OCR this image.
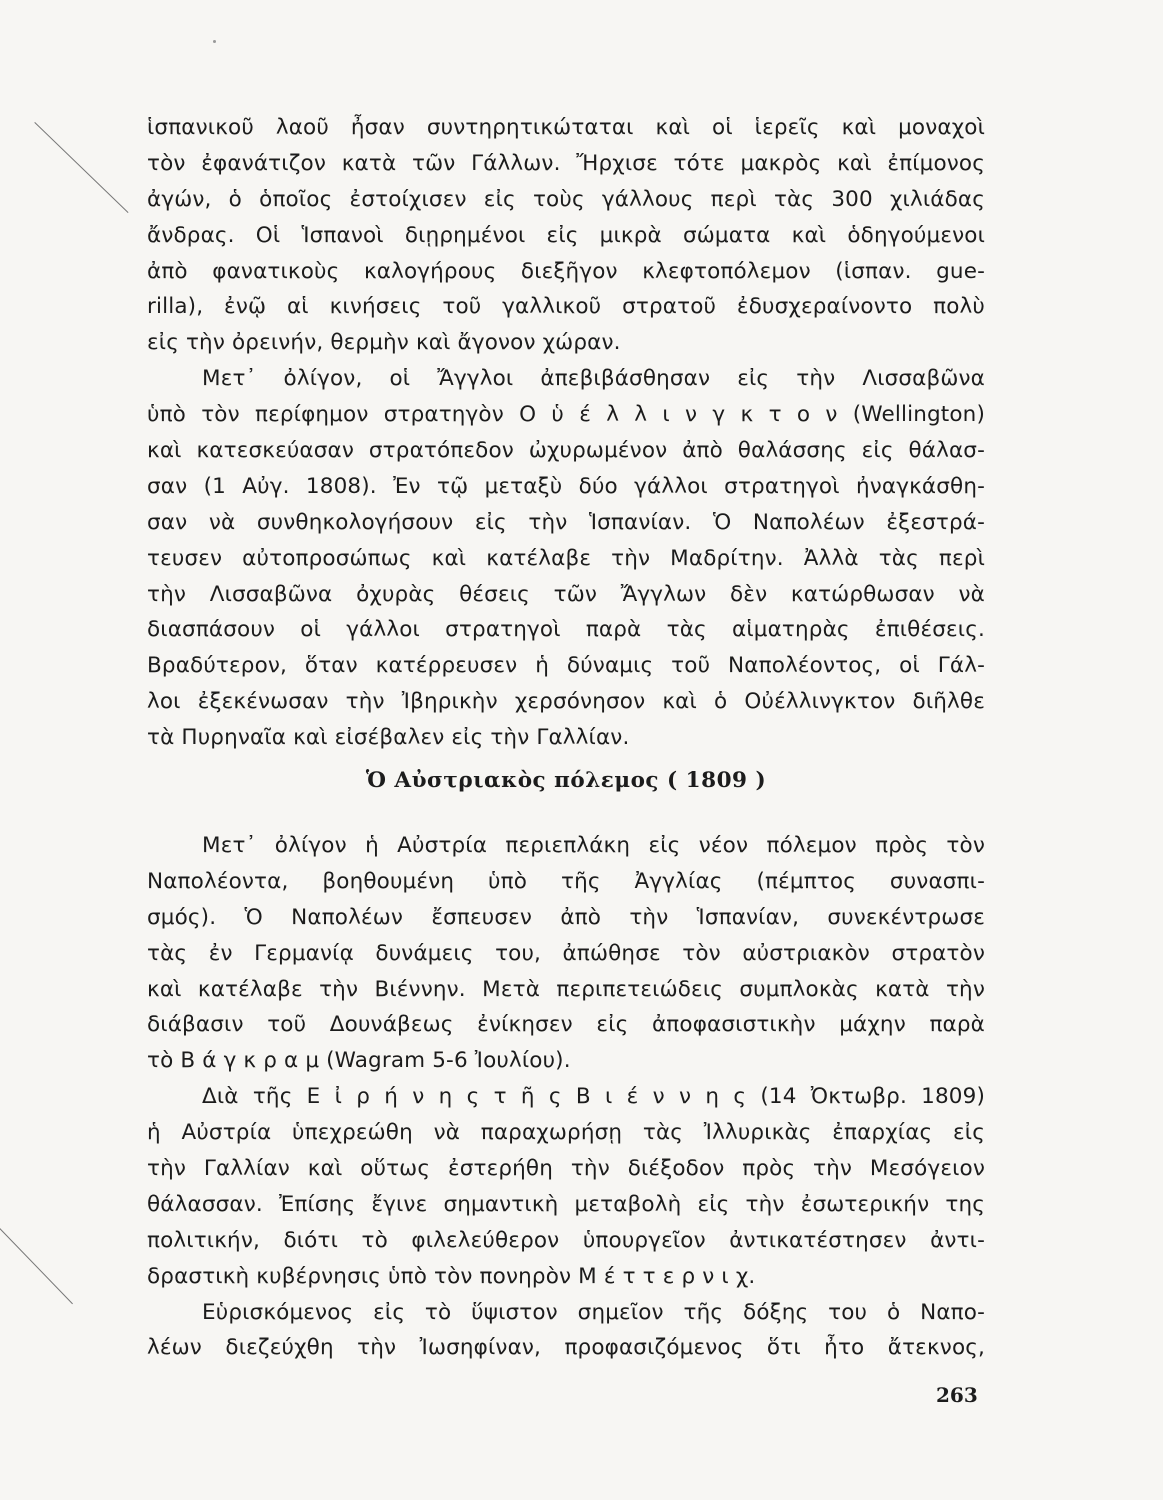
ἱσπανικοῦ λαοῦ ἦσαν συντηρητικώταται καὶ οἱ ἱερεῖς καὶ μοναχοὶ
τὸν ἐφανάτιζον κατὰ τῶν Γάλλων. Ἤρχισε τότε μακρὸς καὶ ἐπίμονος
ἀγών, ὁ ὁποῖος ἐστοίχισεν εἰς τοὺς γάλλους περὶ τὰς 300 χιλιάδας
ἄνδρας. Οἱ Ἱσπανοὶ διῃρημένοι εἰς μικρὰ σώματα καὶ ὁδηγούμενοι
ἀπὸ φανατικοὺς καλογήρους διεξῆγον κλεφτοπόλεμον (ἱσπαν. gue-
rilla), ἐνῷ αἱ κινήσεις τοῦ γαλλικοῦ στρατοῦ ἐδυσχεραίνοντο πολὺ
εἰς τὴν ὀρεινήν, θερμὴν καὶ ἄγονον χώραν.
Μετ᾽ ὀλίγον, οἱ Ἄγγλοι ἀπεβιβάσθησαν εἰς τὴν Λισσαβῶνα
ὑπὸ τὸν περίφημον στρατηγὸν Ο ὑ έ λ λ ι ν γ κ τ ο ν (Wellington)
καὶ κατεσκεύασαν στρατόπεδον ὠχυρωμένον ἀπὸ θαλάσσης εἰς θάλασ-
σαν (1 Αὐγ. 1808). Ἐν τῷ μεταξὺ δύο γάλλοι στρατηγοὶ ἠναγκάσθη-
σαν νὰ συνθηκολογήσουν εἰς τὴν Ἱσπανίαν. Ὁ Ναπολέων ἐξεστρά-
τευσεν αὐτοπροσώπως καὶ κατέλαβε τὴν Μαδρίτην. Ἀλλὰ τὰς περὶ
τὴν Λισσαβῶνα ὀχυρὰς θέσεις τῶν Ἄγγλων δὲν κατώρθωσαν νὰ
διασπάσουν οἱ γάλλοι στρατηγοὶ παρὰ τὰς αἱματηρὰς ἐπιθέσεις.
Βραδύτερον, ὅταν κατέρρευσεν ἡ δύναμις τοῦ Ναπολέοντος, οἱ Γάλ-
λοι ἐξεκένωσαν τὴν Ἰβηρικὴν χερσόνησον καὶ ὁ Οὐέλλινγκτον διῆλθε
τὰ Πυρηναῖα καὶ εἰσέβαλεν εἰς τὴν Γαλλίαν.
Ὁ Αὐστριακὸς πόλεμος ( 1809 )
Μετ᾽ ὀλίγον ἡ Αὐστρία περιεπλάκη εἰς νέον πόλεμον πρὸς τὸν
Ναπολέοντα, βοηθουμένη ὑπὸ τῆς Ἀγγλίας (πέμπτος συνασπι-
σμός). Ὁ Ναπολέων ἔσπευσεν ἀπὸ τὴν Ἱσπανίαν, συνεκέντρωσε
τὰς ἐν Γερμανίᾳ δυνάμεις του, ἀπώθησε τὸν αὐστριακὸν στρατὸν
καὶ κατέλαβε τὴν Βιέννην. Μετὰ περιπετειώδεις συμπλοκὰς κατὰ τὴν
διάβασιν τοῦ Δουνάβεως ἐνίκησεν εἰς ἀποφασιστικὴν μάχην παρὰ
τὸ Β ά γ κ ρ α μ (Wagram 5-6 Ἰουλίου).
Διὰ τῆς Ε ἰ ρ ή ν η ς τ ῆ ς Β ι έ ν ν η ς (14 Ὀκτωβρ. 1809)
ἡ Αὐστρία ὑπεχρεώθη νὰ παραχωρήσῃ τὰς Ἰλλυρικὰς ἐπαρχίας εἰς
τὴν Γαλλίαν καὶ οὕτως ἐστερήθη τὴν διέξοδον πρὸς τὴν Μεσόγειον
θάλασσαν. Ἐπίσης ἔγινε σημαντικὴ μεταβολὴ εἰς τὴν ἐσωτερικήν της
πολιτικήν, διότι τὸ φιλελεύθερον ὑπουργεῖον ἀντικατέστησεν ἀντι-
δραστικὴ κυβέρνησις ὑπὸ τὸν πονηρὸν Μ έ τ τ ε ρ ν ι χ.
Εὑρισκόμενος εἰς τὸ ὕψιστον σημεῖον τῆς δόξης του ὁ Ναπο-
λέων διεζεύχθη τὴν Ἰωσηφίναν, προφασιζόμενος ὅτι ἦτο ἄτεκνος,
263
